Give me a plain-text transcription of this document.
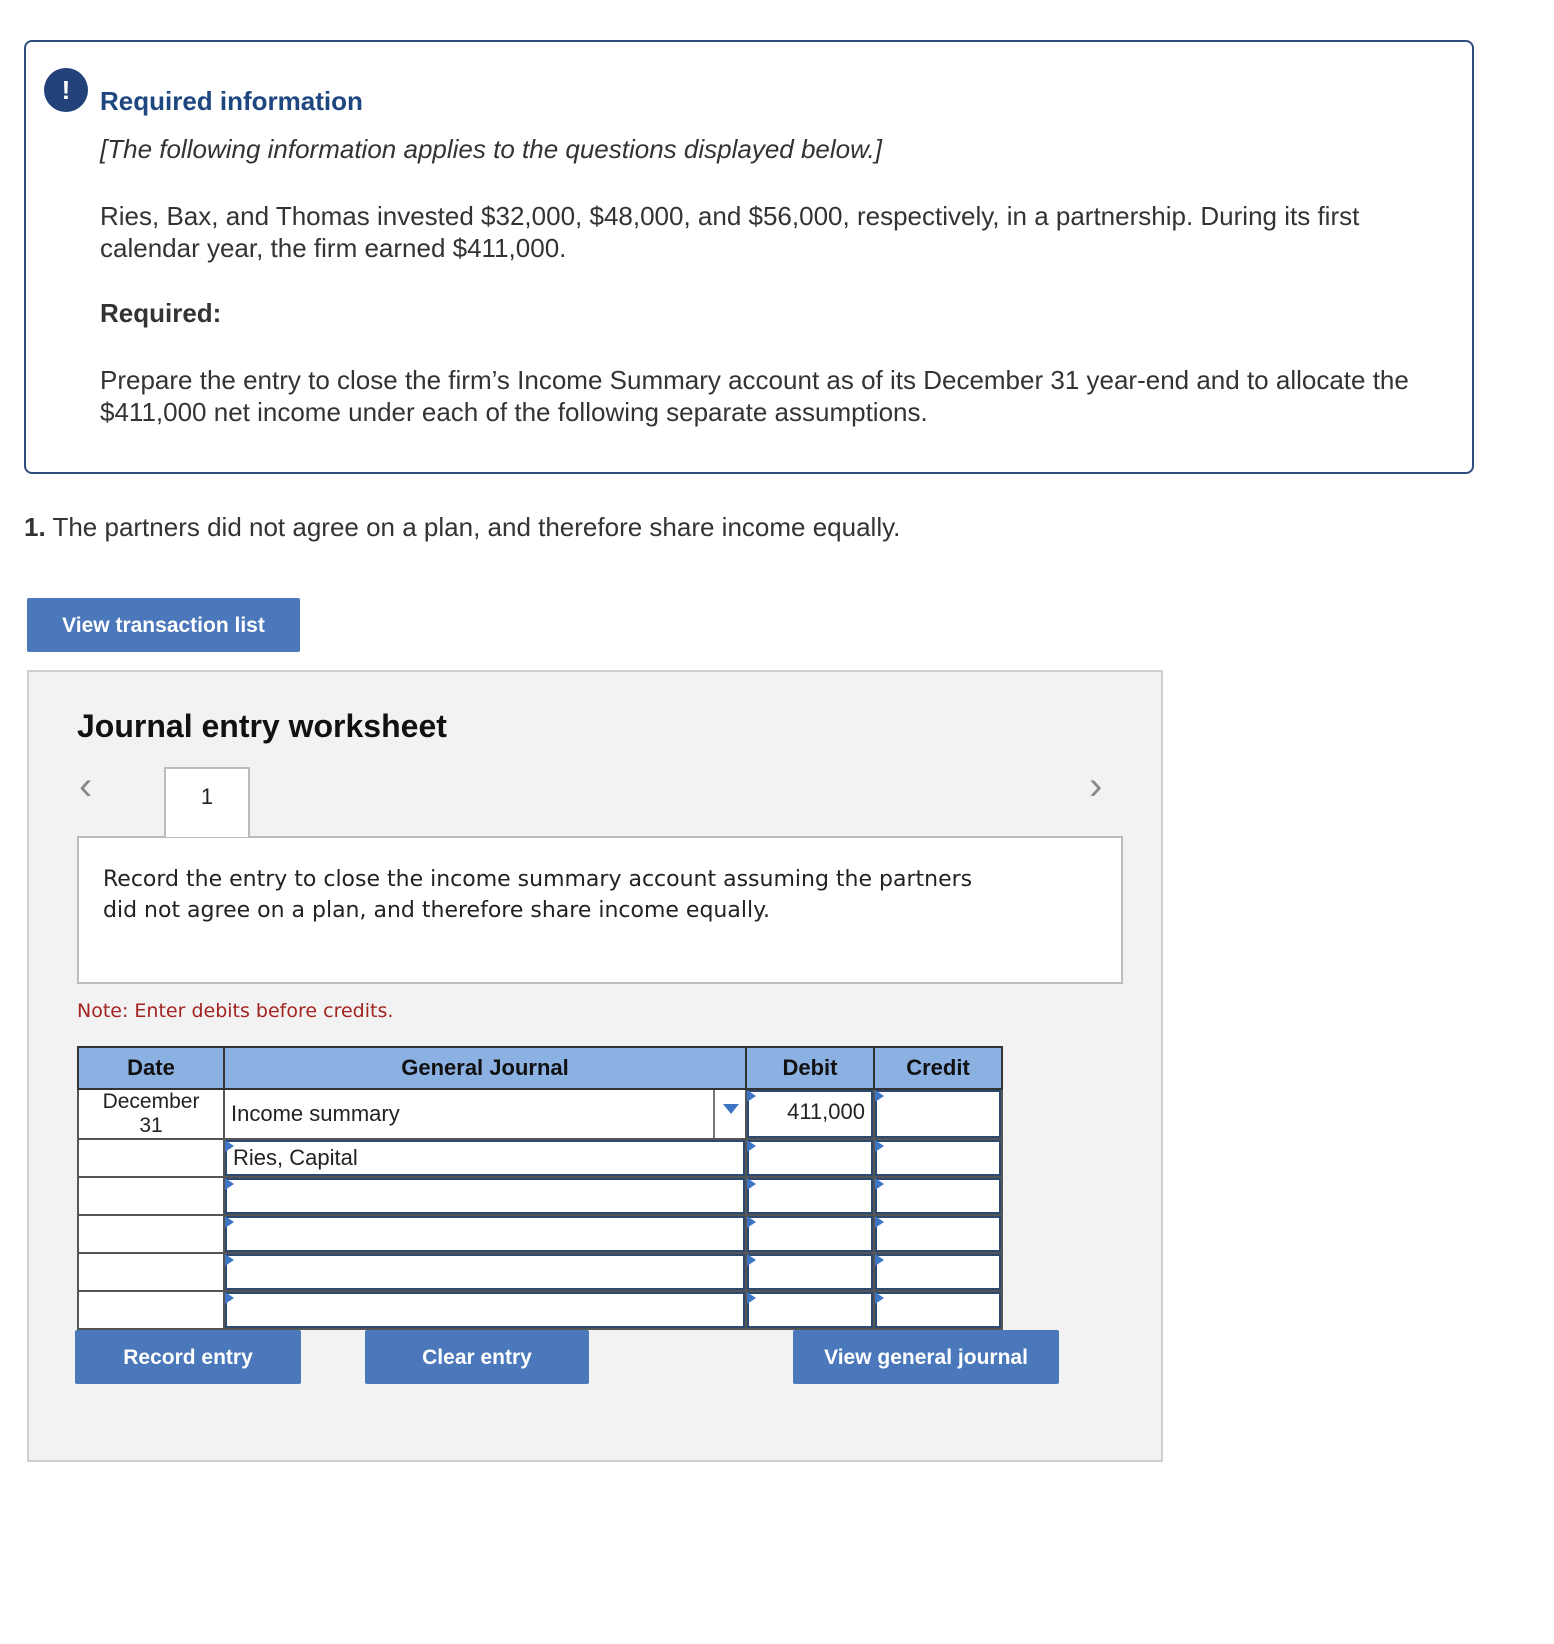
!	Required information
[The following information applies to the questions displayed below.]
Ries, Bax, and Thomas invested $32,000, $48,000, and $56,000, respectively, in a partnership. During its first calendar year, the firm earned $411,000.
Required:
Prepare the entry to close the firm’s Income Summary account as of its December 31 year-end and to allocate the $411,000 net income under each of the following separate assumptions.
1. The partners did not agree on a plan, and therefore share income equally.
View transaction list
Journal entry worksheet
‹	1	›
Record the entry to close the income summary account assuming the partners did not agree on a plan, and therefore share income equally.
Note: Enter debits before credits.
Date	General Journal	Debit	Credit

December
31	Income summary	411,000	

	Ries, Capital		

Record entry	Clear entry	View general journal
